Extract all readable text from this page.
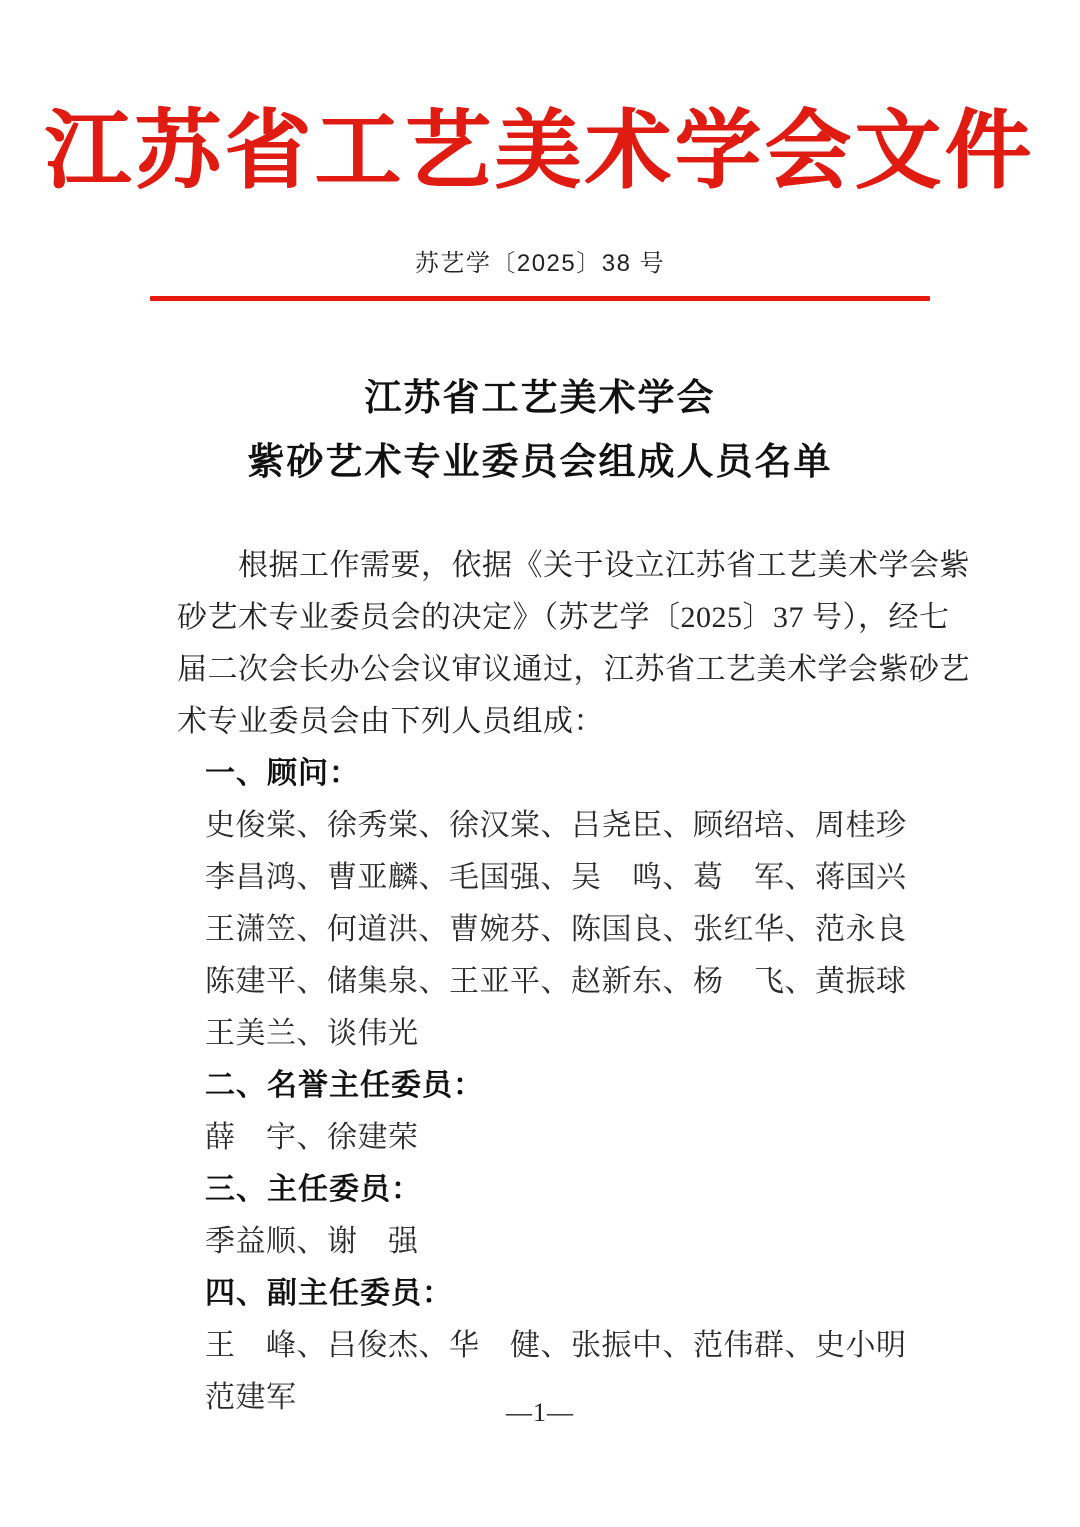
江苏省工艺美术学会文件
苏艺学〔2025〕38 号
江苏省工艺美术学会
紫砂艺术专业委员会组成人员名单
　　根据工作需要，依据《关于设立江苏省工艺美术学会紫
砂艺术专业委员会的决定》（苏艺学〔2025〕37 号），经七
届二次会长办公会议审议通过，江苏省工艺美术学会紫砂艺
术专业委员会由下列人员组成：
一、顾问：
史俊棠、徐秀棠、徐汉棠、吕尧臣、顾绍培、周桂珍
李昌鸿、曹亚麟、毛国强、吴　鸣、葛　军、蒋国兴
王潇笠、何道洪、曹婉芬、陈国良、张红华、范永良
陈建平、储集泉、王亚平、赵新东、杨　飞、黄振球
王美兰、谈伟光
二、名誉主任委员：
薛　宇、徐建荣
三、主任委员：
季益顺、谢　强
四、副主任委员：
王　峰、吕俊杰、华　健、张振中、范伟群、史小明
范建军	—1—
